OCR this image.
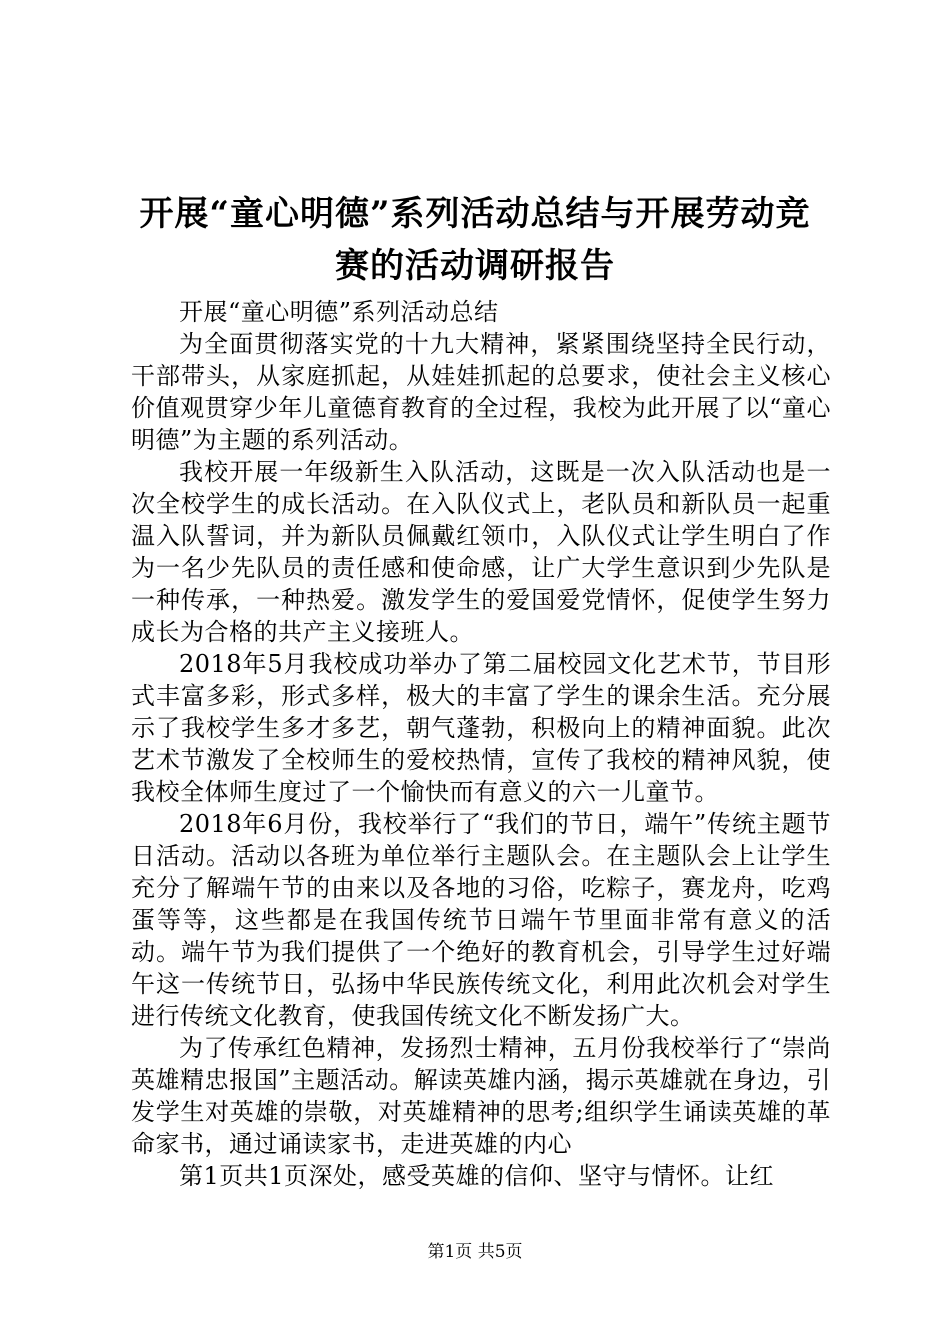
开展“童心明德”系列活动总结与开展劳动竞
赛的活动调研报告

开展“童心明德”系列活动总结

为全面贯彻落实党的十九大精神，紧紧围绕坚持全民行动，干部带头，从家庭抓起，从娃娃抓起的总要求，使社会主义核心价值观贯穿少年儿童德育教育的全过程，我校为此开展了以“童心明德”为主题的系列活动。

我校开展一年级新生入队活动，这既是一次入队活动也是一次全校学生的成长活动。在入队仪式上，老队员和新队员一起重温入队誓词，并为新队员佩戴红领巾，入队仪式让学生明白了作为一名少先队员的责任感和使命感，让广大学生意识到少先队是一种传承，一种热爱。激发学生的爱国爱党情怀，促使学生努力成长为合格的共产主义接班人。

2018年5月我校成功举办了第二届校园文化艺术节，节目形式丰富多彩，形式多样，极大的丰富了学生的课余生活。充分展示了我校学生多才多艺，朝气蓬勃，积极向上的精神面貌。此次艺术节激发了全校师生的爱校热情，宣传了我校的精神风貌，使我校全体师生度过了一个愉快而有意义的六一儿童节。

2018年6月份，我校举行了“我们的节日，端午”传统主题节日活动。活动以各班为单位举行主题队会。在主题队会上让学生充分了解端午节的由来以及各地的习俗，吃粽子，赛龙舟，吃鸡蛋等等，这些都是在我国传统节日端午节里面非常有意义的活动。端午节为我们提供了一个绝好的教育机会，引导学生过好端午这一传统节日，弘扬中华民族传统文化，利用此次机会对学生进行传统文化教育，使我国传统文化不断发扬广大。

为了传承红色精神，发扬烈士精神，五月份我校举行了“崇尚英雄精忠报国”主题活动。解读英雄内涵，揭示英雄就在身边，引发学生对英雄的崇敬，对英雄精神的思考;组织学生诵读英雄的革命家书，通过诵读家书，走进英雄的内心

第1页共1页深处，感受英雄的信仰、坚守与情怀。让红

第1页 共5页
